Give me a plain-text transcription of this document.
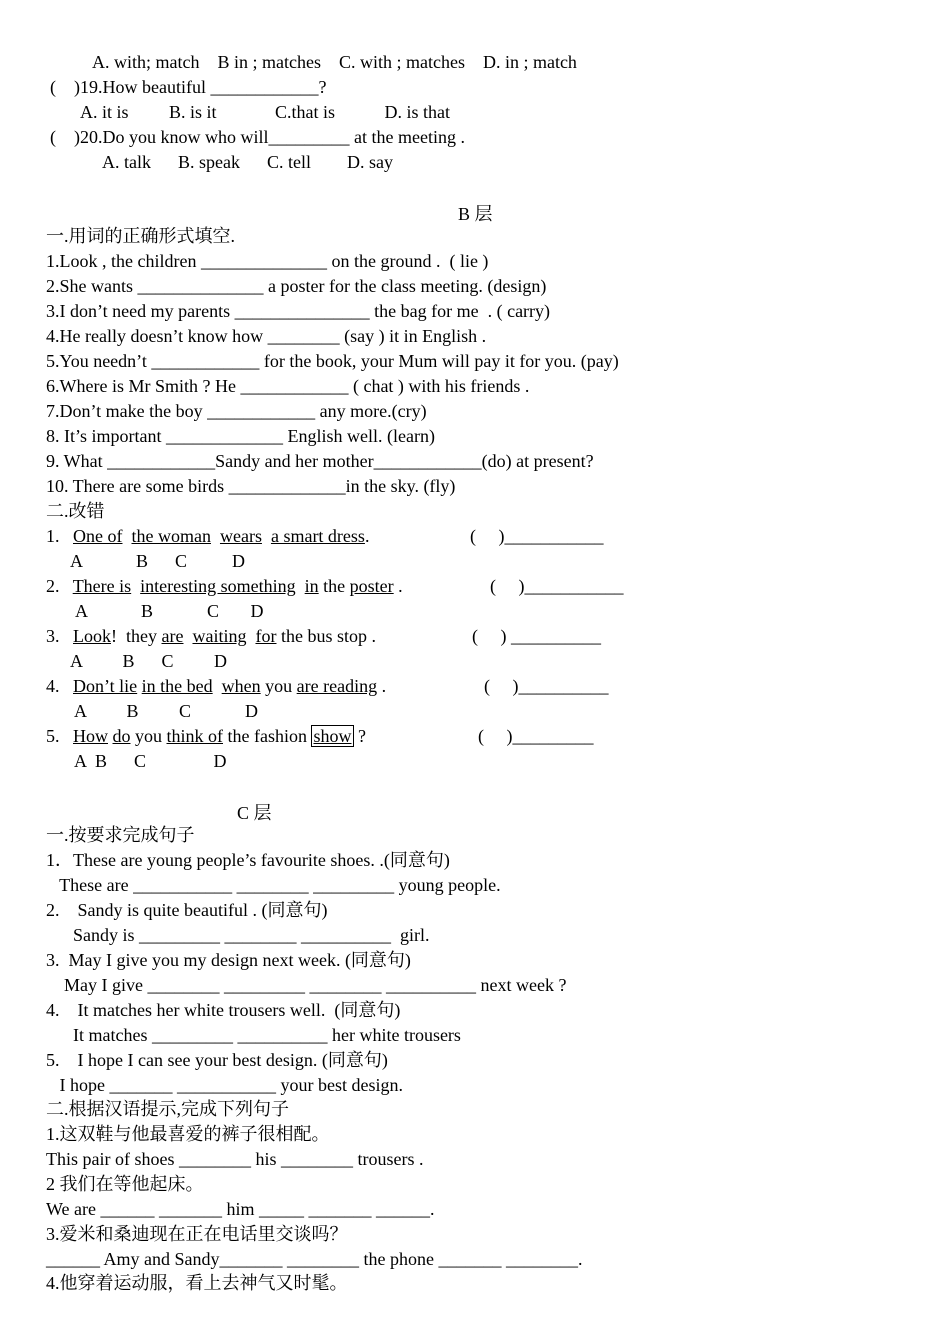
A. with; match    B in ; matches    C. with ; matches    D. in ; match
(    )19.How beautiful ____________?
A. it is         B. is it             C.that is           D. is that
(    )20.Do you know who will_________ at the meeting .
A. talk      B. speak      C. tell        D. say
B 层
一.用词的正确形式填空.
1.Look , the children ______________ on the ground .  ( lie )
2.She wants ______________ a poster for the class meeting. (design)
3.I don’t need my parents _______________ the bag for me  . ( carry)
4.He really doesn’t know how ________ (say ) it in English .
5.You needn’t ____________ for the book, your Mum will pay it for you. (pay)
6.Where is Mr Smith ? He ____________ ( chat ) with his friends .
7.Don’t make the boy ____________ any more.(cry)
8. It’s important _____________ English well. (learn)
9. What ____________Sandy and her mother____________(do) at present?
10. There are some birds _____________in the sky. (fly)
二.改错
1. One of the woman wears a smart dress.	(     )___________
A            B      C          D
2. There is interesting something in the poster .	(     )___________
A            B            C       D
3. Look!  they are waiting for the bus stop .	(     ) __________
A         B      C         D
4. Don’t lie in the bed when you are reading .	(     )__________
A         B         C            D
5. How do you think of the fashion show ?	(     )_________
A  B      C               D
C 层
一.按要求完成句子
1．These are young people’s favourite shoes. .(同意句)
These are ___________ ________ _________ young people.
2.    Sandy is quite beautiful . (同意句)
Sandy is _________ ________ __________  girl.
3.  May I give you my design next week. (同意句)
May I give ________ _________ ________ __________ next week ?
4.    It matches her white trousers well.  (同意句)
It matches _________ __________ her white trousers
5.    I hope I can see your best design. (同意句)
I hope _______ ___________ your best design.
二.根据汉语提示,完成下列句子
1.这双鞋与他最喜爱的裤子很相配。
This pair of shoes ________ his ________ trousers .
2 我们在等他起床。
We are ______ _______ him _____ _______ ______.
3.爱米和桑迪现在正在电话里交谈吗？
______ Amy and Sandy_______ ________ the phone _______ ________.
4.他穿着运动服，看上去神气又时髦。
